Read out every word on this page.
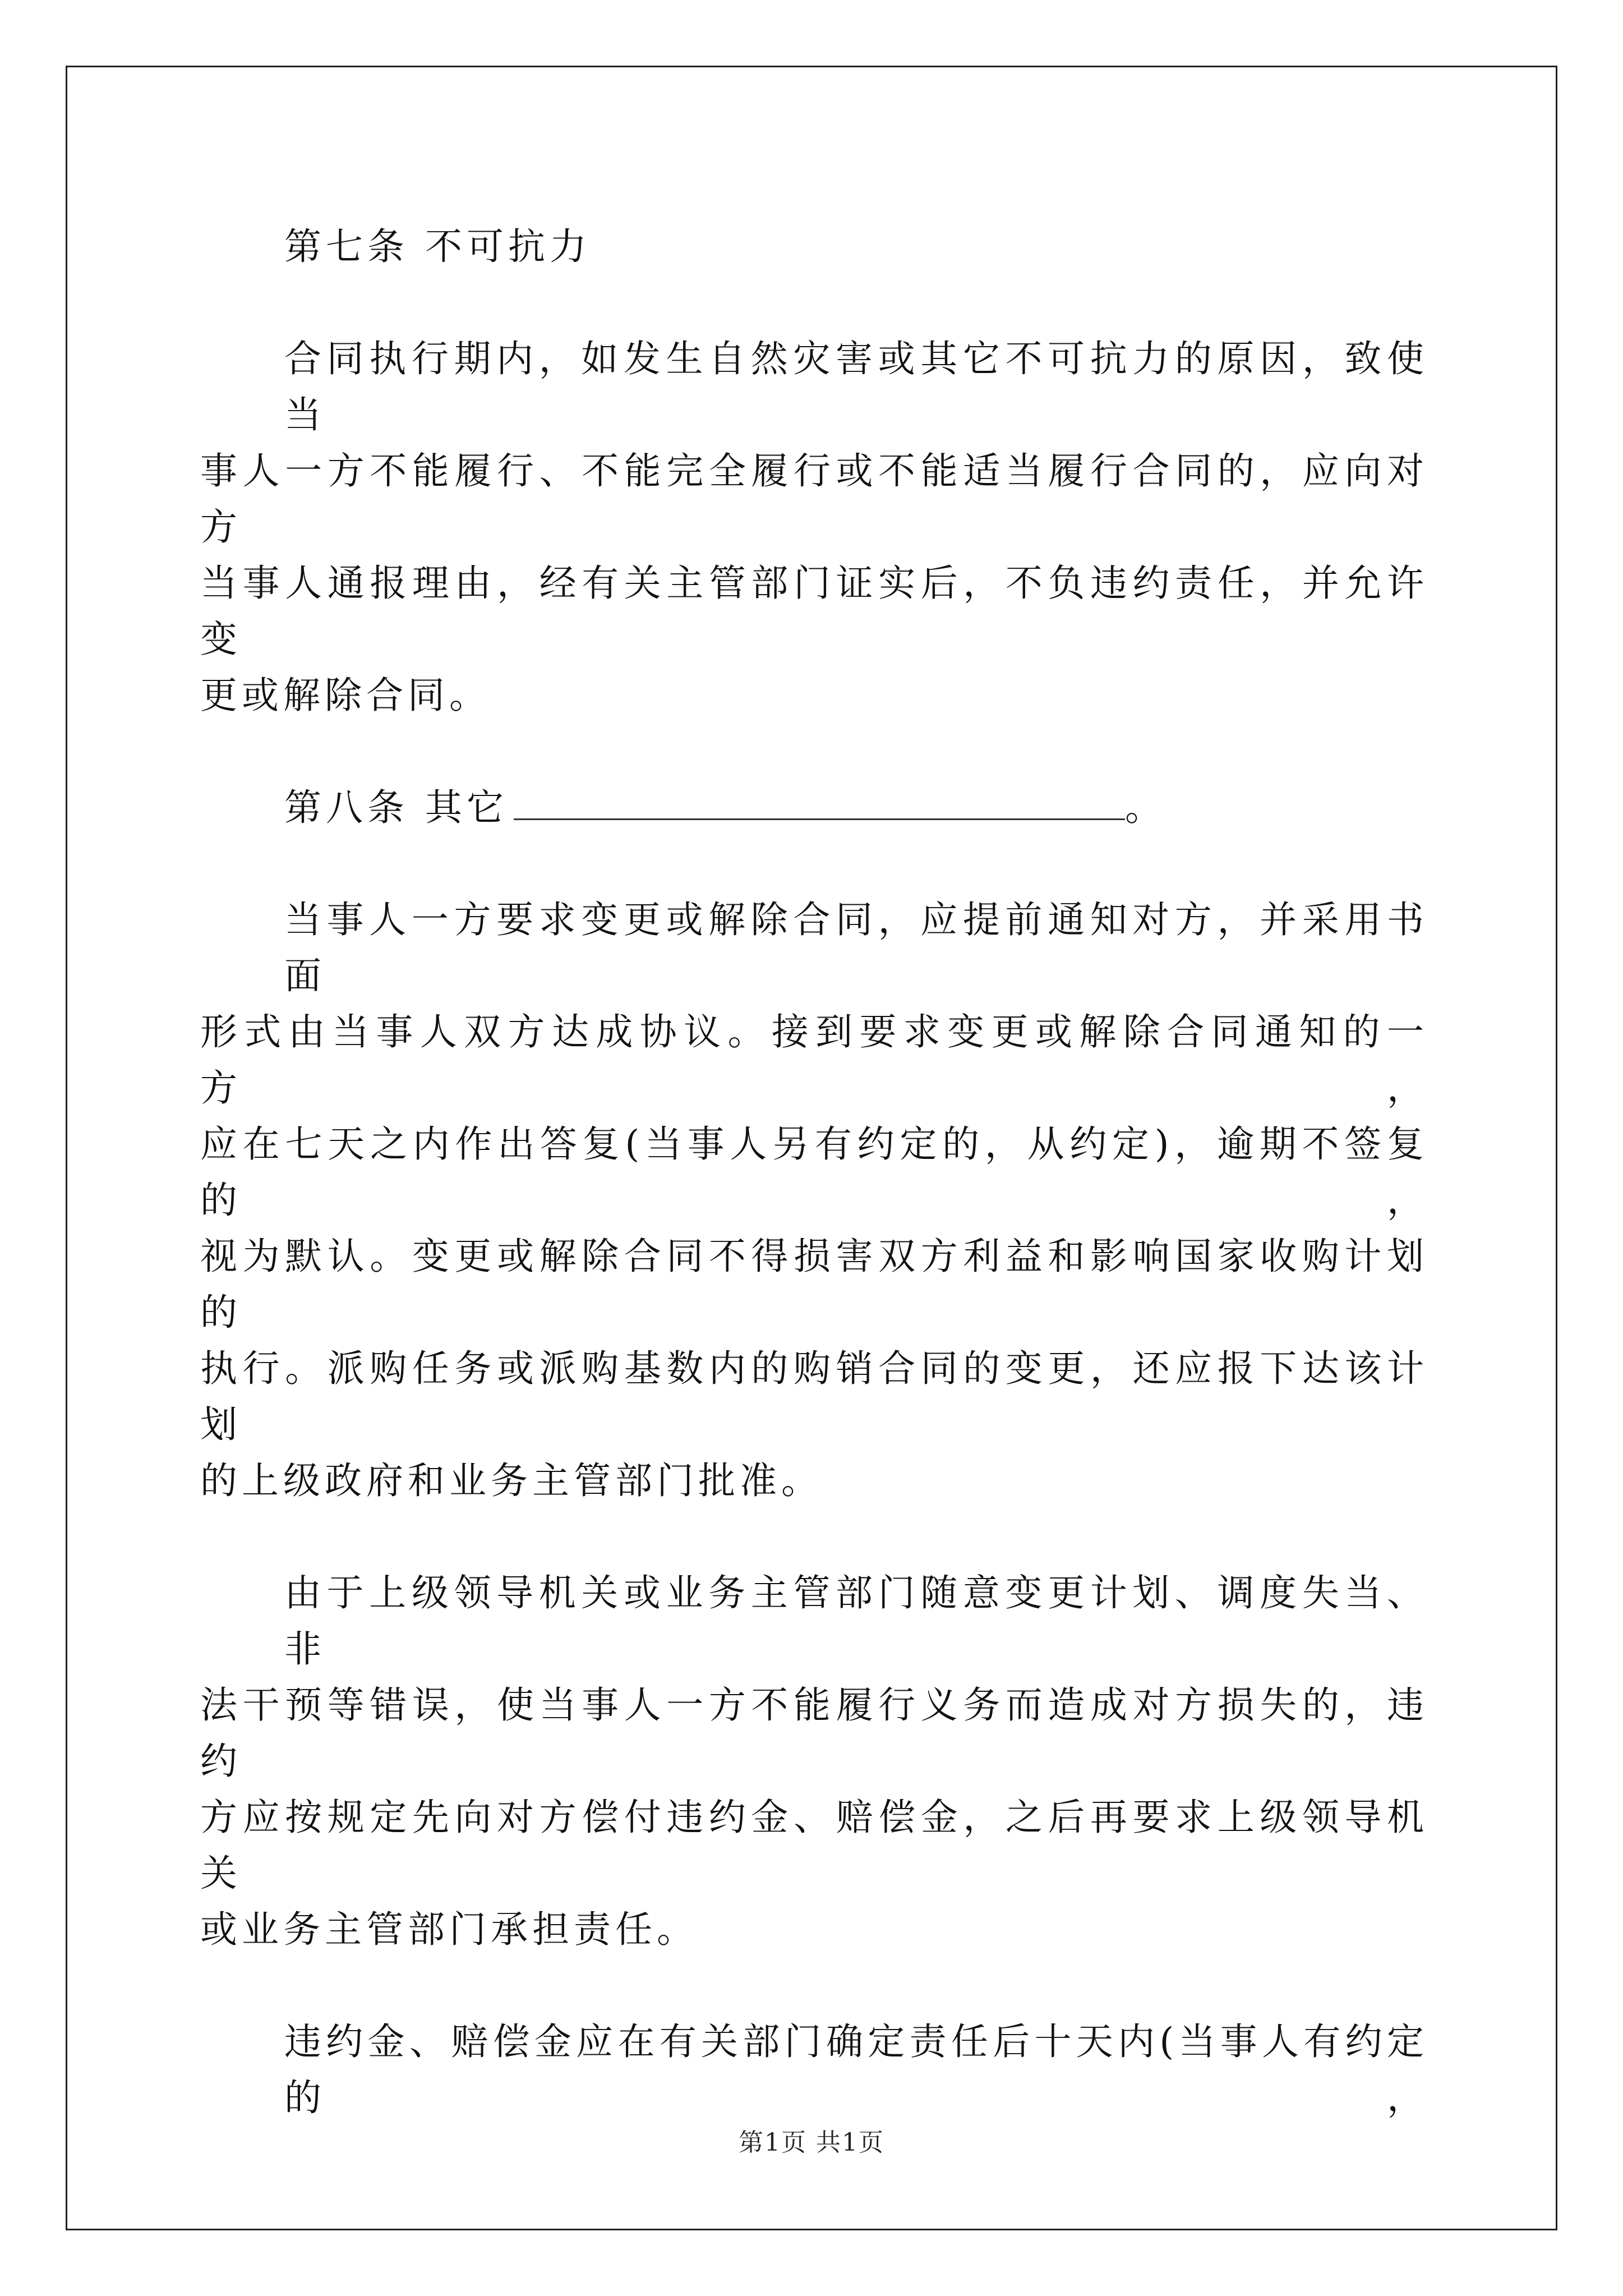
第七条 不可抗力
合同执行期内，如发生自然灾害或其它不可抗力的原因，致使当
事人一方不能履行、不能完全履行或不能适当履行合同的，应向对方
当事人通报理由，经有关主管部门证实后，不负违约责任，并允许变
更或解除合同。
第八条 其它	。
当事人一方要求变更或解除合同，应提前通知对方，并采用书面
形式由当事人双方达成协议。接到要求变更或解除合同通知的一方，
应在七天之内作出答复(当事人另有约定的，从约定)，逾期不签复的，
视为默认。变更或解除合同不得损害双方利益和影响国家收购计划的
执行。派购任务或派购基数内的购销合同的变更，还应报下达该计划
的上级政府和业务主管部门批准。
由于上级领导机关或业务主管部门随意变更计划、调度失当、非
法干预等错误，使当事人一方不能履行义务而造成对方损失的，违约
方应按规定先向对方偿付违约金、赔偿金，之后再要求上级领导机关
或业务主管部门承担责任。
违约金、赔偿金应在有关部门确定责任后十天内(当事人有约定的，
第1页 共1页
